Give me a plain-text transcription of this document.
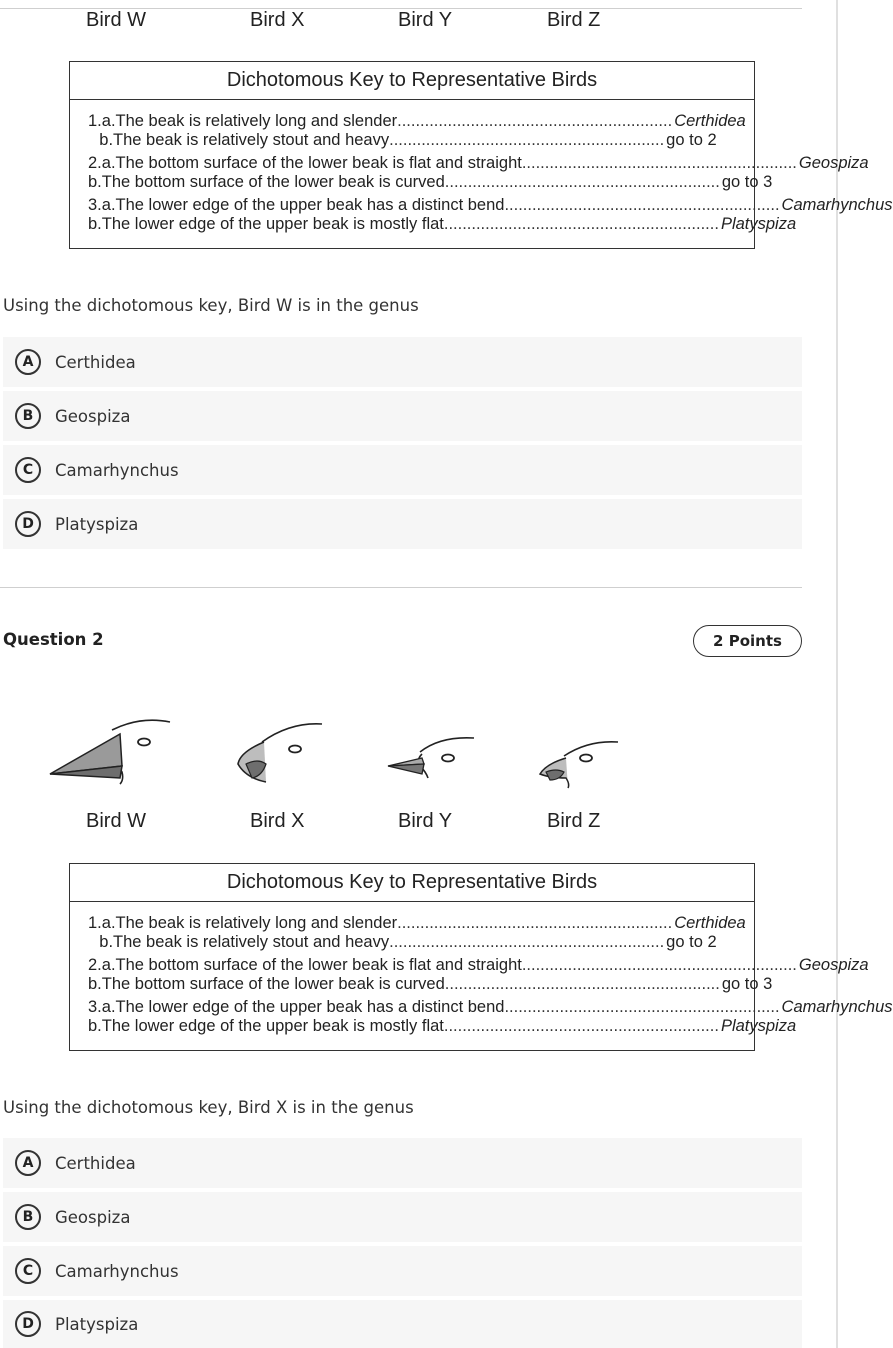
Bird W	Bird X	Bird Y	Bird Z
Dichotomous Key to Representative Birds
1. a. The beak is relatively long and slender ............................................................ Certhidea
b. The beak is relatively stout and heavy ............................................................ go to 2
2. a. The bottom surface of the lower beak is flat and straight ............................................................ Geospiza
b. The bottom surface of the lower beak is curved ............................................................ go to 3
3. a. The lower edge of the upper beak has a distinct bend ............................................................ Camarhynchus
b. The lower edge of the upper beak is mostly flat ............................................................ Platyspiza
Using the dichotomous key, Bird W is in the genus
A	Certhidea
B	Geospiza
C	Camarhynchus
D	Platyspiza
Question 2	2 Points
Bird W	Bird X	Bird Y	Bird Z
Dichotomous Key to Representative Birds
1. a. The beak is relatively long and slender ............................................................ Certhidea
b. The beak is relatively stout and heavy ............................................................ go to 2
2. a. The bottom surface of the lower beak is flat and straight ............................................................ Geospiza
b. The bottom surface of the lower beak is curved ............................................................ go to 3
3. a. The lower edge of the upper beak has a distinct bend ............................................................ Camarhynchus
b. The lower edge of the upper beak is mostly flat ............................................................ Platyspiza
Using the dichotomous key, Bird X is in the genus
A	Certhidea
B	Geospiza
C	Camarhynchus
D	Platyspiza
